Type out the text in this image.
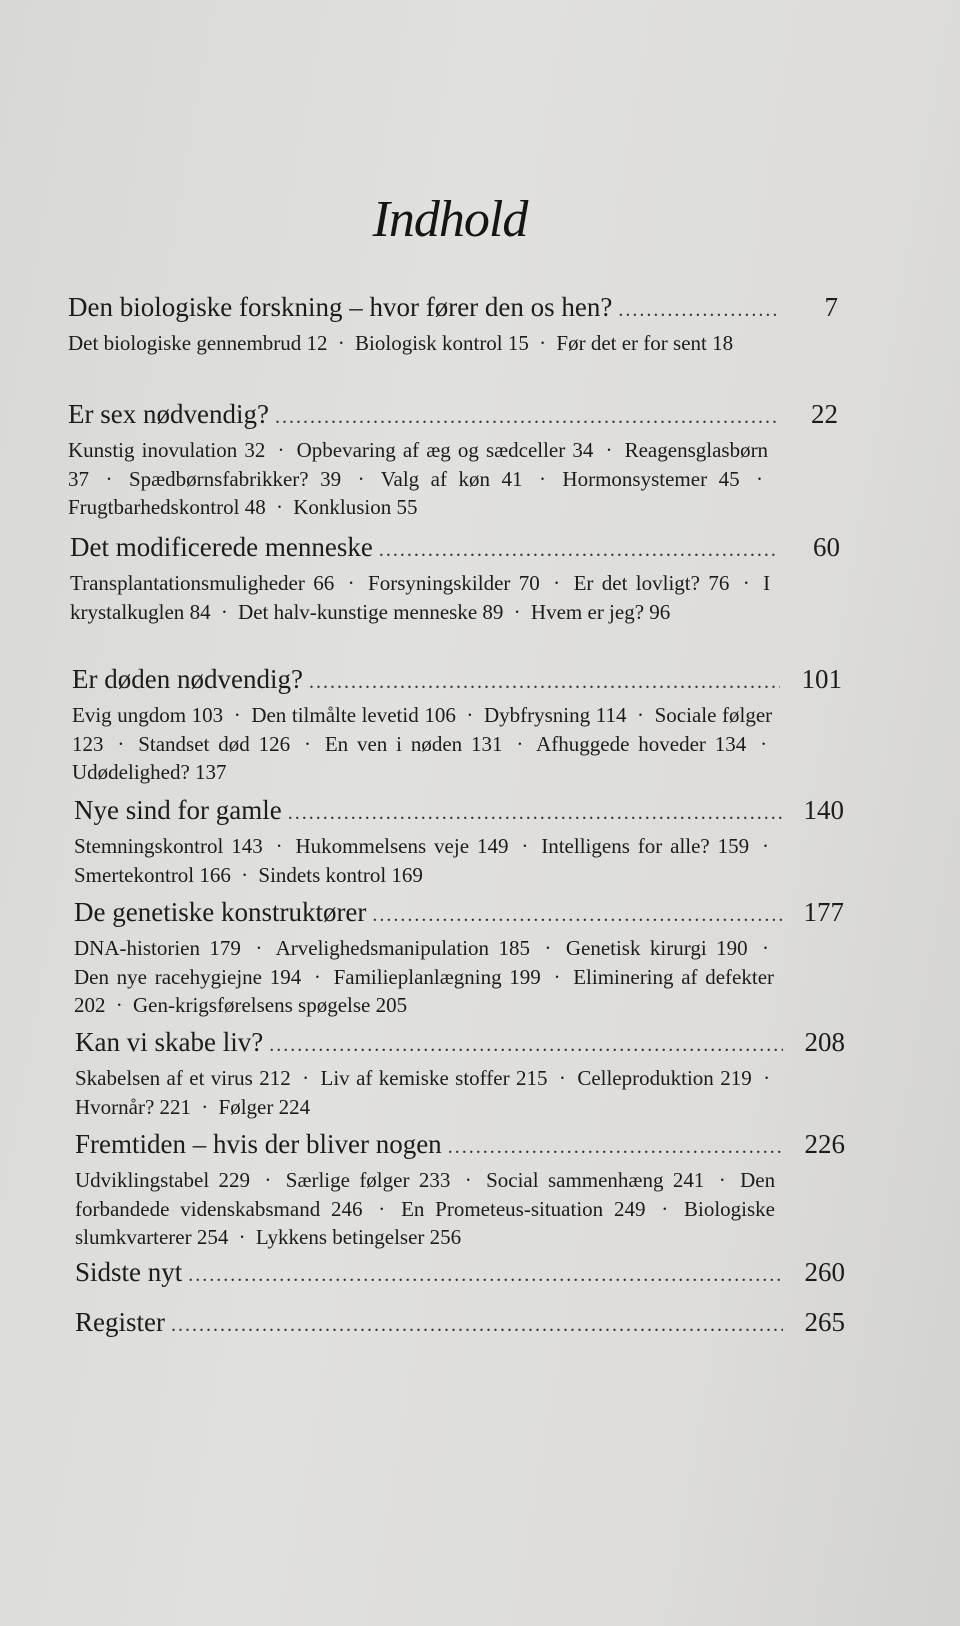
Indhold
Den biologiske forskning – hvor fører den os hen? .....	7
Det biologiske gennembrud 12 · Biologisk kontrol 15 · Før det er for sent 18
Er sex nødvendig? .....	22
Kunstig inovulation 32 · Opbevaring af æg og sædceller 34 · Reagensglasbørn 37 · Spædbørnsfabrikker? 39 · Valg af køn 41 · Hormonsystemer 45 · Frugtbarhedskontrol 48 · Konklusion 55
Det modificerede menneske .....	60
Transplantationsmuligheder 66 · Forsyningskilder 70 · Er det lovligt? 76 · I krystalkuglen 84 · Det halv-kunstige menneske 89 · Hvem er jeg? 96
Er døden nødvendig? .....	101
Evig ungdom 103 · Den tilmålte levetid 106 · Dybfrysning 114 · Sociale følger 123 · Standset død 126 · En ven i nøden 131 · Afhuggede hoveder 134 · Udødelighed? 137
Nye sind for gamle .....	140
Stemningskontrol 143 · Hukommelsens veje 149 · Intelligens for alle? 159 · Smertekontrol 166 · Sindets kontrol 169
De genetiske konstruktører .....	177
DNA-historien 179 · Arvelighedsmanipulation 185 · Genetisk kirurgi 190 · Den nye racehygiejne 194 · Familieplanlægning 199 · Eliminering af defekter 202 · Gen-krigsførelsens spøgelse 205
Kan vi skabe liv? .....	208
Skabelsen af et virus 212 · Liv af kemiske stoffer 215 · Celleproduktion 219 · Hvornår? 221 · Følger 224
Fremtiden – hvis der bliver nogen .....	226
Udviklingstabel 229 · Særlige følger 233 · Social sammenhæng 241 · Den forbandede videnskabsmand 246 · En Prometeus-situation 249 · Biologiske slumkvarterer 254 · Lykkens betingelser 256
Sidste nyt .....	260
Register .....	265
